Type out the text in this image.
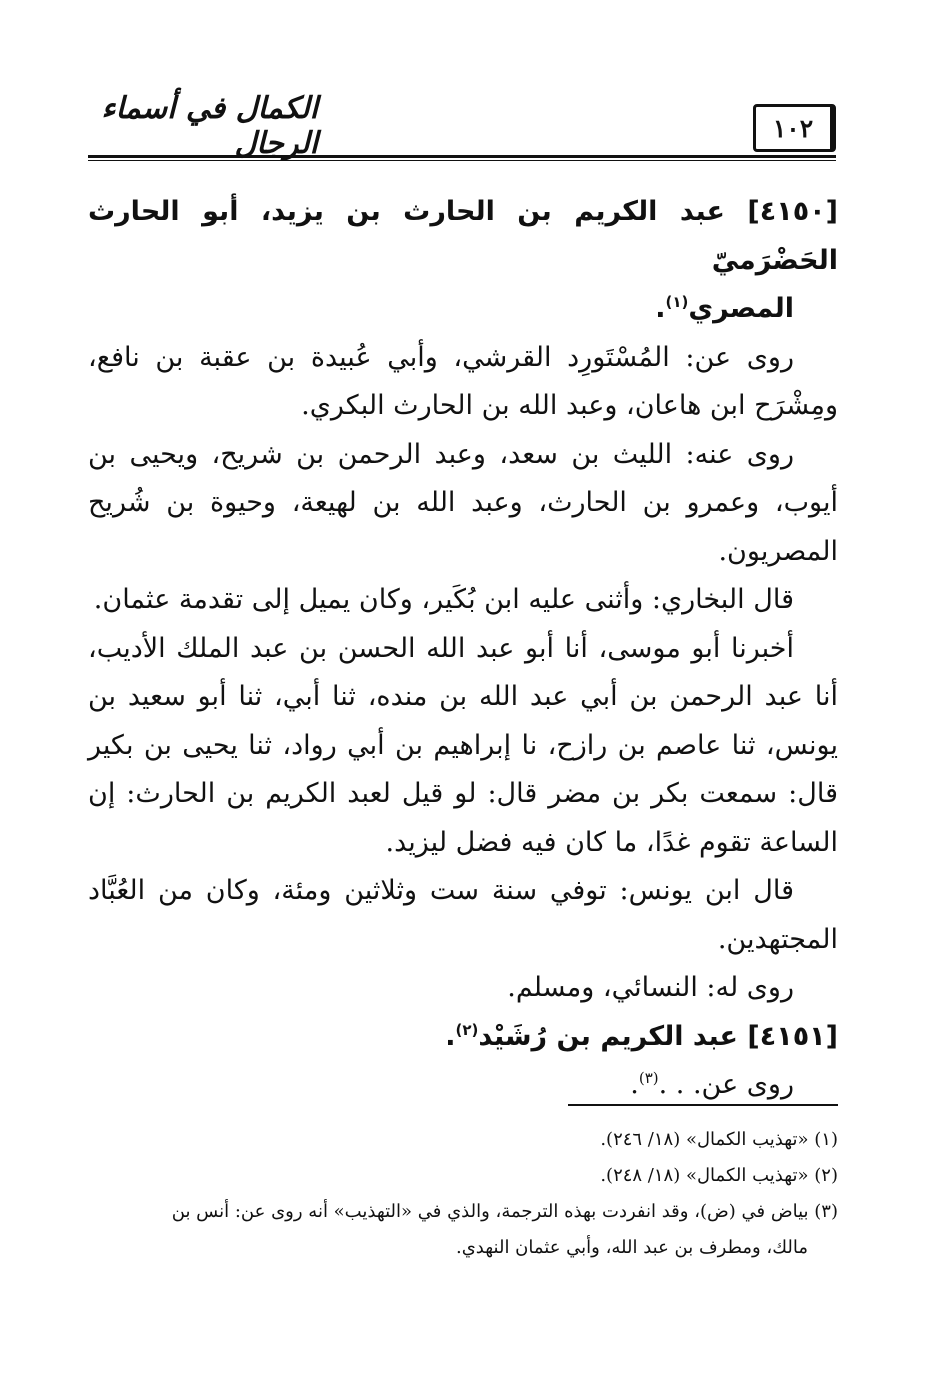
١٠٢
الكمال في أسماء الرجال

[٤١٥٠] عبد الكريم بن الحارث بن يزيد، أبو الحارث الحَضْرَميّ
المصري$^{(١)}$.

روى عن: المُسْتَورِد القرشي، وأبي عُبيدة بن عقبة بن نافع، ومِشْرَح ابن هاعان، وعبد الله بن الحارث البكري.

روى عنه: الليث بن سعد، وعبد الرحمن بن شريح، ويحيى بن أيوب، وعمرو بن الحارث، وعبد الله بن لهيعة، وحيوة بن شُريح المصريون.

قال البخاري: وأثنى عليه ابن بُكَير، وكان يميل إلى تقدمة عثمان.

أخبرنا أبو موسى، أنا أبو عبد الله الحسن بن عبد الملك الأديب، أنا عبد الرحمن بن أبي عبد الله بن منده، ثنا أبي، ثنا أبو سعيد بن يونس، ثنا عاصم بن رازح، نا إبراهيم بن أبي رواد، ثنا يحيى بن بكير قال: سمعت بكر بن مضر قال: لو قيل لعبد الكريم بن الحارث: إن الساعة تقوم غدًا، ما كان فيه فضل ليزيد.

قال ابن يونس: توفي سنة ست وثلاثين ومئة، وكان من العُبَّاد المجتهدين.

روى له: النسائي، ومسلم.

[٤١٥١] عبد الكريم بن رُشَيْد$^{(٢)}$.

روى عن. . .$^{(٣)}$.

(١) «تهذيب الكمال» (١٨/ ٢٤٦).

(٢) «تهذيب الكمال» (١٨/ ٢٤٨).

(٣) بياض في (ض)، وقد انفردت بهذه الترجمة، والذي في «التهذيب» أنه روى عن: أنس بن

مالك، ومطرف بن عبد الله، وأبي عثمان النهدي.
